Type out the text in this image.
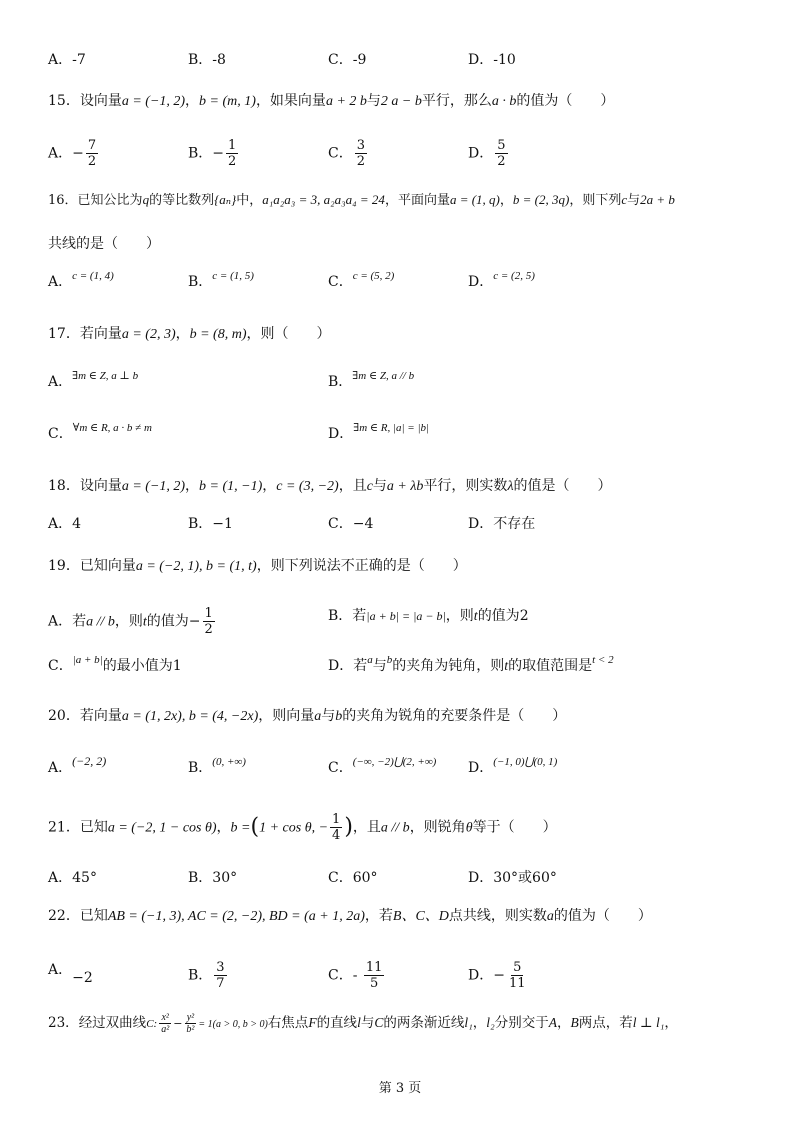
A．-7	B．-8	C．-9	D．-10
15．设向量a = (−1, 2)，b = (m, 1)，如果向量a + 2 b与2 a − b平行，那么a · b的值为（　　）
A．− $\frac{7}{2}$	B．− $\frac{1}{2}$	C． $\frac{3}{2}$	D． $\frac{5}{2}$
16．已知公比为q的等比数列{aₙ}中，a₁a₂a₃ = 3, a₂a₃a₄ = 24，平面向量a = (1, q)，b = (2, 3q)，则下列c与2a + b
共线的是（　　）
A．$^{c = (1, 4)}$	B．$^{c = (1, 5)}$	C．$^{c = (5, 2)}$	D．$^{c = (2, 5)}$
17．若向量a = (2, 3)，b = (8, m)，则（　　）
A．$^{\exists m \in Z, a \perp b}$	B．$^{\exists m \in Z, a // b}$
C．$^{\forall m \in R, a \cdot b \ne m}$	D．$^{\exists m \in R, |a| = |b|}$
18．设向量a = (−1, 2)，b = (1, −1)，c = (3, −2)，且c与a + λb平行，则实数λ的值是（　　）
A．4	B．−1	C．−4	D．不存在
19．已知向量a = (−2, 1), b = (1, t)，则下列说法不正确的是（　　）
A．若a // b，则t的值为− $\frac{1}{2}$	B．若|a + b| = |a − b|，则t的值为2
C．$^{|a + b|}$的最小值为1	D．若$^a$与$^b$的夹角为钝角，则t的取值范围是$^{t < 2}$
20．若向量a = (1, 2x), b = (4, −2x)，则向量a与b的夹角为锐角的充要条件是（　　）
A．(−2, 2)	B．$^{(0, +\infty)}$	C．$^{(-\infty, -2)⋃(2, +\infty)}$ D．$^{(-1, 0)⋃(0, 1)}$
21．已知a = (−2, 1 − cos θ)，b =(1 + cos θ, − $\frac{1}{4}$ )，且a // b，则锐角θ等于（　　）
A．45°	B．30°	C．60°	D．30°或60°
22．已知AB = (−1, 3), AC = (2, −2), BD = (a + 1, 2a)，若B、C、D点共线，则实数a的值为（　　）
A．−2	B． $\frac{3}{7}$	C．- $\frac{11}{5}$	D．− $\frac{5}{11}$
23．经过双曲线C: $\frac{\text{x²}}{\text{a²}} - \frac{\text{y²}}{\text{b²}} = 1(a > 0$, b > 0)右焦点F的直线l与C的两条渐近线l₁，l₂分别交于A，B两点，若l ⊥ l₁，
第 3 页
